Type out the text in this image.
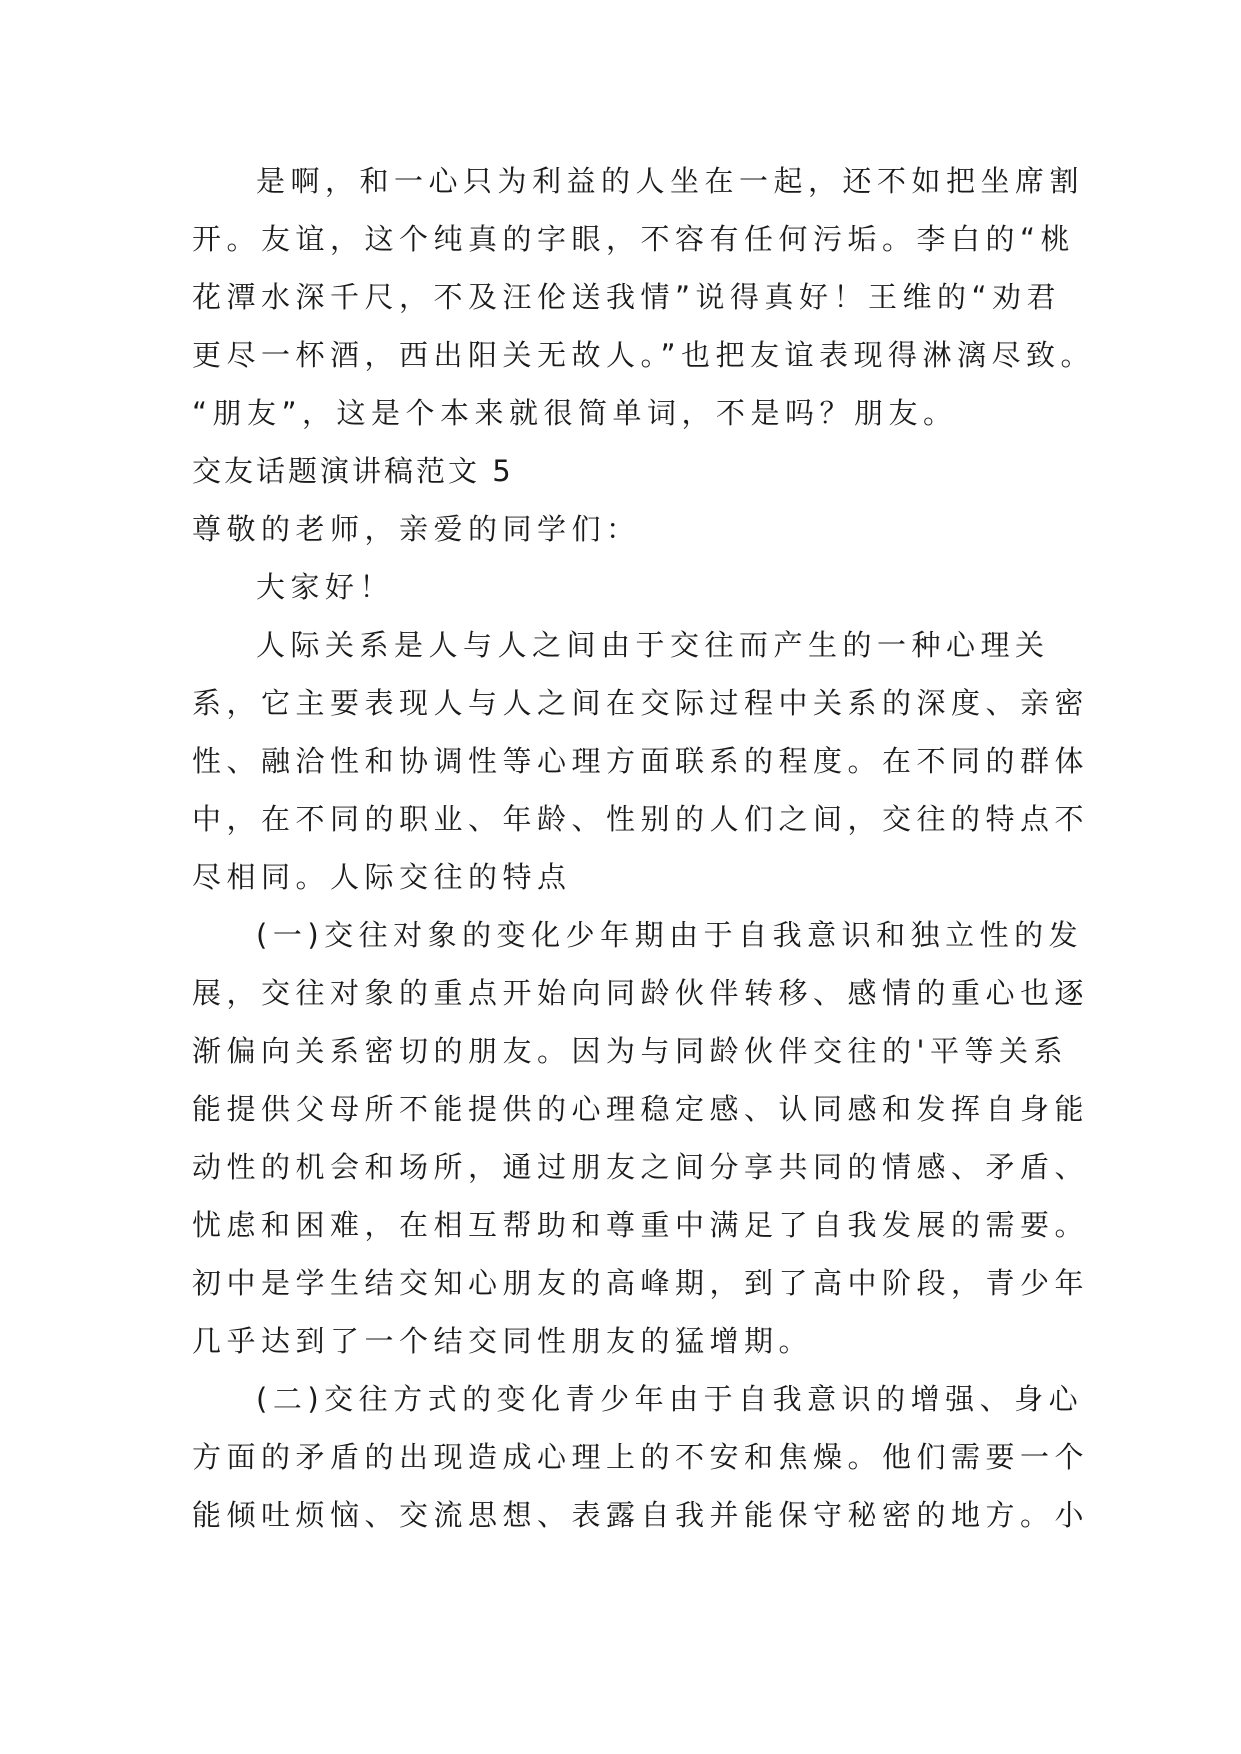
是啊，和一心只为利益的人坐在一起，还不如把坐席割
开。友谊，这个纯真的字眼，不容有任何污垢。李白的“桃
花潭水深千尺，不及汪伦送我情”说得真好！王维的“劝君
更尽一杯酒，西出阳关无故人。”也把友谊表现得淋漓尽致。
“朋友”，这是个本来就很简单词，不是吗？朋友。
交友话题演讲稿范文 5
尊敬的老师，亲爱的同学们：
大家好！
人际关系是人与人之间由于交往而产生的一种心理关
系，它主要表现人与人之间在交际过程中关系的深度、亲密
性、融洽性和协调性等心理方面联系的程度。在不同的群体
中，在不同的职业、年龄、性别的人们之间，交往的特点不
尽相同。人际交往的特点
(一)交往对象的变化少年期由于自我意识和独立性的发
展，交往对象的重点开始向同龄伙伴转移、感情的重心也逐
渐偏向关系密切的朋友。因为与同龄伙伴交往的'平等关系
能提供父母所不能提供的心理稳定感、认同感和发挥自身能
动性的机会和场所，通过朋友之间分享共同的情感、矛盾、
忧虑和困难，在相互帮助和尊重中满足了自我发展的需要。
初中是学生结交知心朋友的高峰期，到了高中阶段，青少年
几乎达到了一个结交同性朋友的猛增期。
(二)交往方式的变化青少年由于自我意识的增强、身心
方面的矛盾的出现造成心理上的不安和焦燥。他们需要一个
能倾吐烦恼、交流思想、表露自我并能保守秘密的地方。小
